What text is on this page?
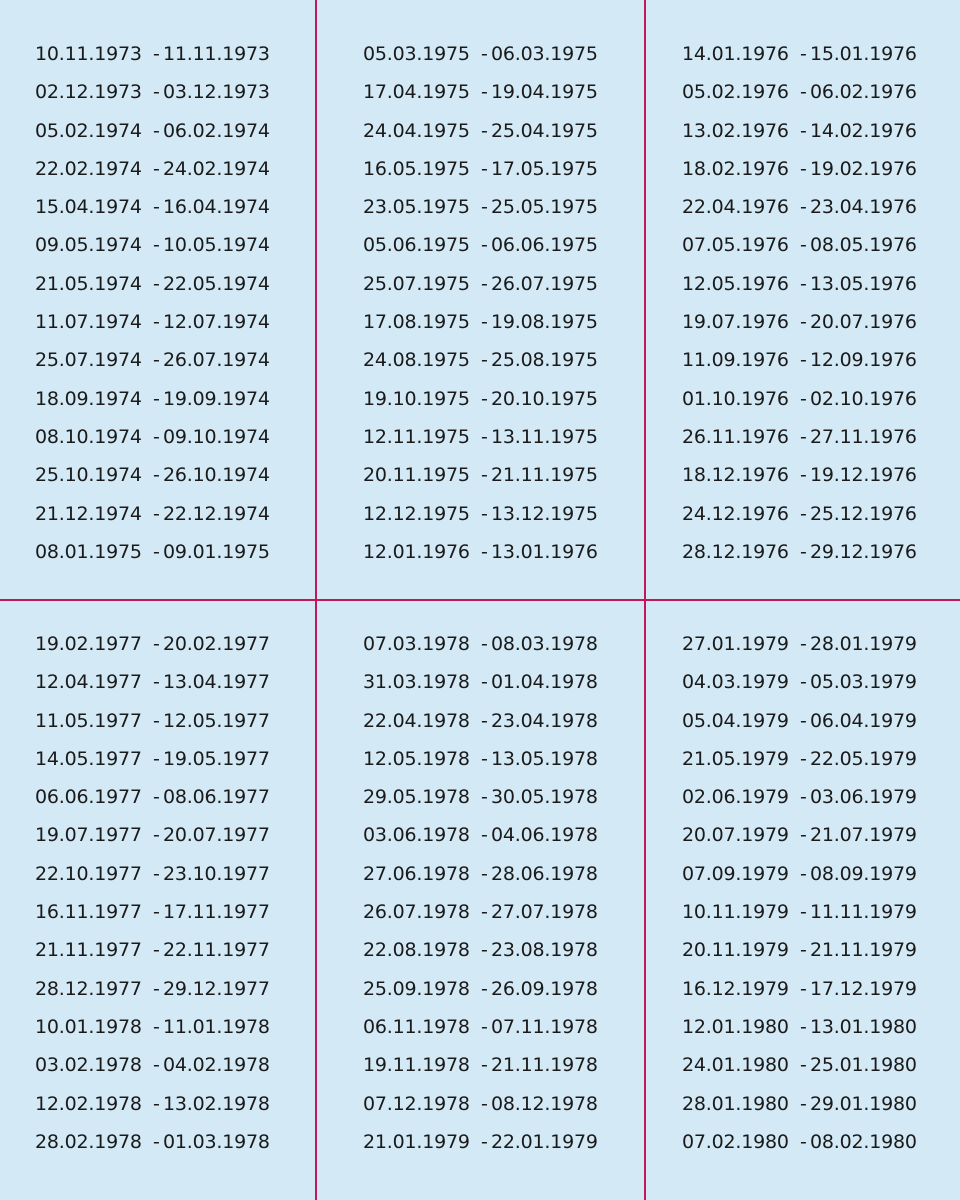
10.11.1973 - 11.11.1973
02.12.1973 - 03.12.1973
05.02.1974 - 06.02.1974
22.02.1974 - 24.02.1974
15.04.1974 - 16.04.1974
09.05.1974 - 10.05.1974
21.05.1974 - 22.05.1974
11.07.1974 - 12.07.1974
25.07.1974 - 26.07.1974
18.09.1974 - 19.09.1974
08.10.1974 - 09.10.1974
25.10.1974 - 26.10.1974
21.12.1974 - 22.12.1974
08.01.1975 - 09.01.1975
05.03.1975 - 06.03.1975
17.04.1975 - 19.04.1975
24.04.1975 - 25.04.1975
16.05.1975 - 17.05.1975
23.05.1975 - 25.05.1975
05.06.1975 - 06.06.1975
25.07.1975 - 26.07.1975
17.08.1975 - 19.08.1975
24.08.1975 - 25.08.1975
19.10.1975 - 20.10.1975
12.11.1975 - 13.11.1975
20.11.1975 - 21.11.1975
12.12.1975 - 13.12.1975
12.01.1976 - 13.01.1976
14.01.1976 - 15.01.1976
05.02.1976 - 06.02.1976
13.02.1976 - 14.02.1976
18.02.1976 - 19.02.1976
22.04.1976 - 23.04.1976
07.05.1976 - 08.05.1976
12.05.1976 - 13.05.1976
19.07.1976 - 20.07.1976
11.09.1976 - 12.09.1976
01.10.1976 - 02.10.1976
26.11.1976 - 27.11.1976
18.12.1976 - 19.12.1976
24.12.1976 - 25.12.1976
28.12.1976 - 29.12.1976
19.02.1977 - 20.02.1977
12.04.1977 - 13.04.1977
11.05.1977 - 12.05.1977
14.05.1977 - 19.05.1977
06.06.1977 - 08.06.1977
19.07.1977 - 20.07.1977
22.10.1977 - 23.10.1977
16.11.1977 - 17.11.1977
21.11.1977 - 22.11.1977
28.12.1977 - 29.12.1977
10.01.1978 - 11.01.1978
03.02.1978 - 04.02.1978
12.02.1978 - 13.02.1978
28.02.1978 - 01.03.1978
07.03.1978 - 08.03.1978
31.03.1978 - 01.04.1978
22.04.1978 - 23.04.1978
12.05.1978 - 13.05.1978
29.05.1978 - 30.05.1978
03.06.1978 - 04.06.1978
27.06.1978 - 28.06.1978
26.07.1978 - 27.07.1978
22.08.1978 - 23.08.1978
25.09.1978 - 26.09.1978
06.11.1978 - 07.11.1978
19.11.1978 - 21.11.1978
07.12.1978 - 08.12.1978
21.01.1979 - 22.01.1979
27.01.1979 - 28.01.1979
04.03.1979 - 05.03.1979
05.04.1979 - 06.04.1979
21.05.1979 - 22.05.1979
02.06.1979 - 03.06.1979
20.07.1979 - 21.07.1979
07.09.1979 - 08.09.1979
10.11.1979 - 11.11.1979
20.11.1979 - 21.11.1979
16.12.1979 - 17.12.1979
12.01.1980 - 13.01.1980
24.01.1980 - 25.01.1980
28.01.1980 - 29.01.1980
07.02.1980 - 08.02.1980
